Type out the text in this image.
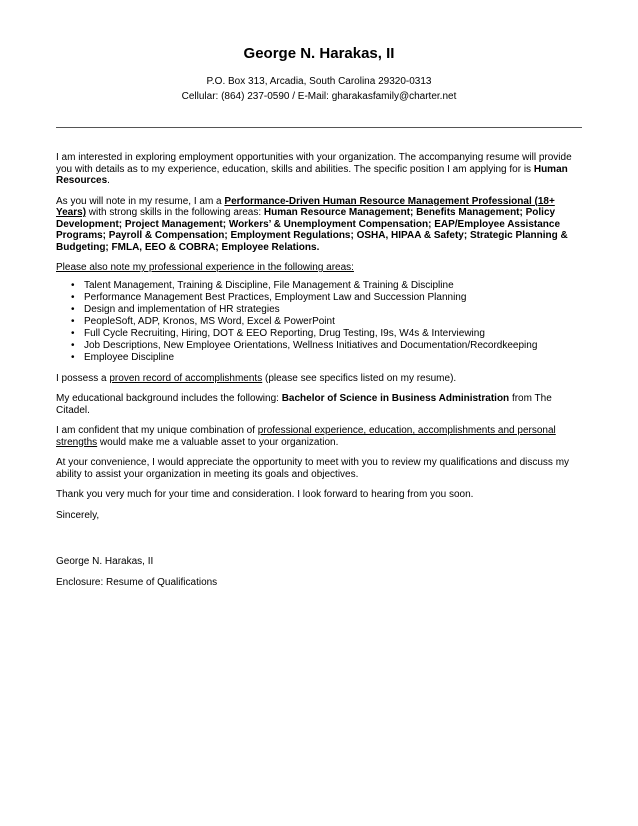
George N. Harakas, II

P.O. Box 313, Arcadia, South Carolina 29320-0313

Cellular: (864) 237-0590 / E-Mail: gharakasfamily@charter.net

I am interested in exploring employment opportunities with your organization. The accompanying resume will provide you with details as to my experience, education, skills and abilities. The specific position I am applying for is Human Resources.

As you will note in my resume, I am a Performance-Driven Human Resource Management Professional (18+ Years) with strong skills in the following areas: Human Resource Management; Benefits Management; Policy Development; Project Management; Workers’ & Unemployment Compensation; EAP/Employee Assistance Programs; Payroll & Compensation; Employment Regulations; OSHA, HIPAA & Safety; Strategic Planning & Budgeting; FMLA, EEO & COBRA; Employee Relations.

Please also note my professional experience in the following areas:

• Talent Management, Training & Discipline, File Management & Training & Discipline
• Performance Management Best Practices, Employment Law and Succession Planning
• Design and implementation of HR strategies
• PeopleSoft, ADP, Kronos, MS Word, Excel & PowerPoint
• Full Cycle Recruiting, Hiring, DOT & EEO Reporting, Drug Testing, I9s, W4s & Interviewing
• Job Descriptions, New Employee Orientations, Wellness Initiatives and Documentation/Recordkeeping
• Employee Discipline

I possess a proven record of accomplishments (please see specifics listed on my resume).

My educational background includes the following: Bachelor of Science in Business Administration from The Citadel.

I am confident that my unique combination of professional experience, education, accomplishments and personal strengths would make me a valuable asset to your organization.

At your convenience, I would appreciate the opportunity to meet with you to review my qualifications and discuss my ability to assist your organization in meeting its goals and objectives.

Thank you very much for your time and consideration. I look forward to hearing from you soon.

Sincerely,

George N. Harakas, II

Enclosure: Resume of Qualifications
